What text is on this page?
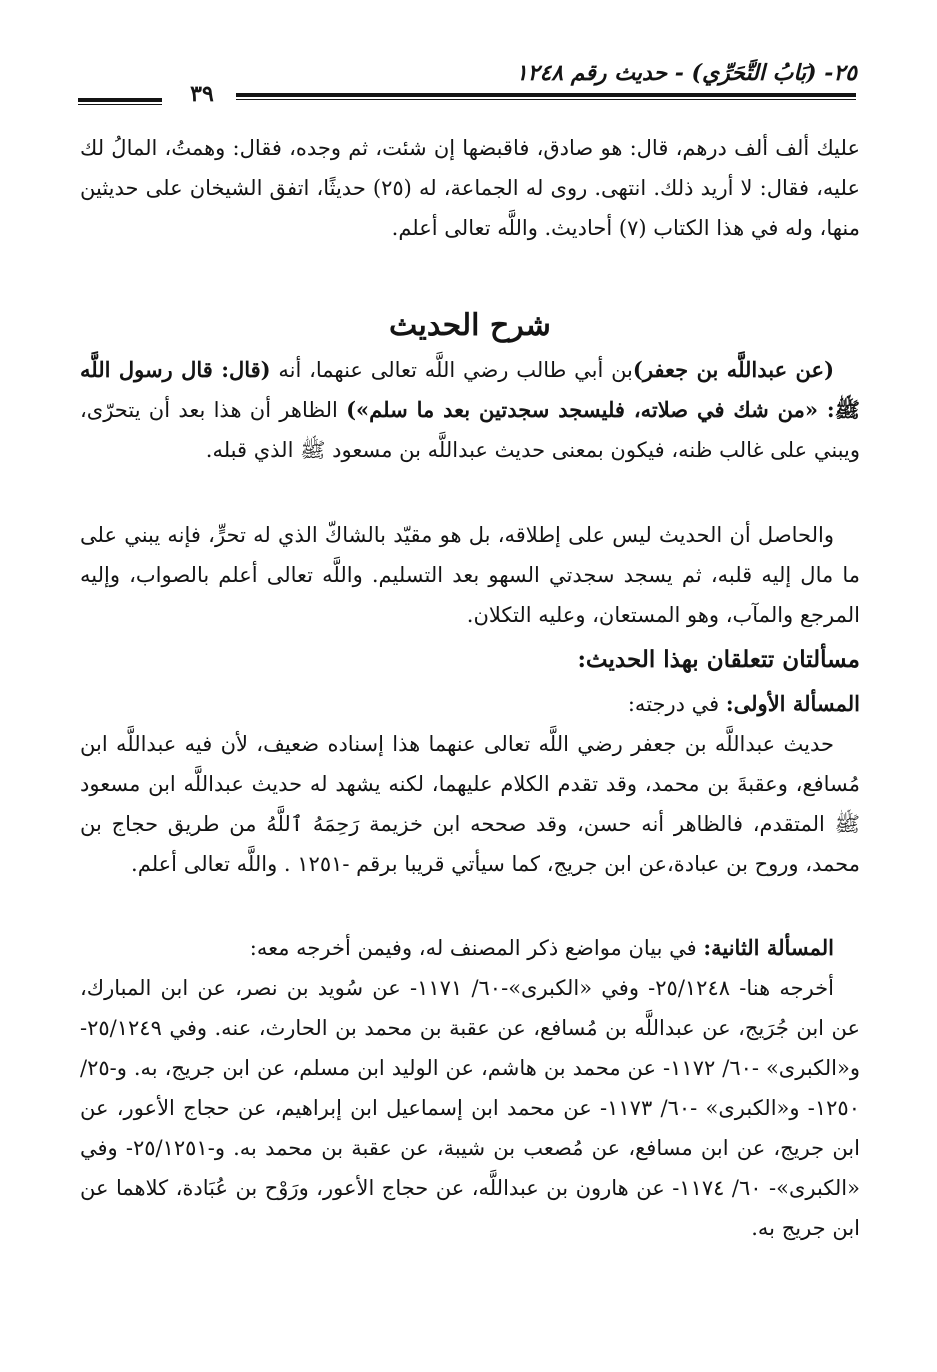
٢٥- (بَابُ التَّحَرِّي) - حديث رقم ١٢٤٨
٣٩

عليك ألف ألف درهم، قال: هو صادق، فاقبضها إن شئت، ثم وجده، فقال: وهمتُ، المالُ لك عليه، فقال: لا أريد ذلك. انتهى. روى له الجماعة، له (٢٥) حديثًا، اتفق الشيخان على حديثين منها، وله في هذا الكتاب (٧) أحاديث. واللَّه تعالى أعلم.

شرح الحديث

(عن عبداللَّه بن جعفر)بن أبي طالب رضي اللَّه تعالى عنهما، أنه (قال: قال رسول اللَّه ﷺ: «من شك في صلاته، فليسجد سجدتين بعد ما سلم») الظاهر أن هذا بعد أن يتحرّى، ويبني على غالب ظنه، فيكون بمعنى حديث عبداللَّه بن مسعود ﷺ الذي قبله.

والحاصل أن الحديث ليس على إطلاقه، بل هو مقيّد بالشاكّ الذي له تحرٍّ، فإنه يبني على ما مال إليه قلبه، ثم يسجد سجدتي السهو بعد التسليم. واللَّه تعالى أعلم بالصواب، وإليه المرجع والمآب، وهو المستعان، وعليه التكلان.

مسألتان تتعلقان بهذا الحديث:

المسألة الأولى: في درجته:

حديث عبداللَّه بن جعفر رضي اللَّه تعالى عنهما هذا إسناده ضعيف، لأن فيه عبداللَّه ابن مُسافع، وعقبةَ بن محمد، وقد تقدم الكلام عليهما، لكنه يشهد له حديث عبداللَّه ابن مسعود ﷺ المتقدم، فالظاهر أنه حسن، وقد صححه ابن خزيمة رَحِمَهُ ٱللَّهُ من طريق حجاج بن محمد، وروح بن عبادة،عن ابن جريج، كما سيأتي قريبا برقم -١٢٥١ . واللَّه تعالى أعلم.

المسألة الثانية: في بيان مواضع ذكر المصنف له، وفيمن أخرجه معه:

أخرجه هنا- ٢٥/١٢٤٨- وفي «الكبرى»-٦٠/ ١١٧١- عن سُويد بن نصر، عن ابن المبارك، عن ابن جُرَيج، عن عبداللَّه بن مُسافع، عن عقبة بن محمد بن الحارث، عنه. وفي ٢٥/١٢٤٩- و«الكبرى» -٦٠/ ١١٧٢- عن محمد بن هاشم، عن الوليد ابن مسلم، عن ابن جريج، به. و-٢٥/ ١٢٥٠- و«الكبرى» -٦٠/ ١١٧٣- عن محمد ابن إسماعيل ابن إبراهيم، عن حجاج الأعور، عن ابن جريج، عن ابن مسافع، عن مُصعب بن شيبة، عن عقبة بن محمد به. و-٢٥/١٢٥١- وفي «الكبرى»- ٦٠/ ١١٧٤- عن هارون بن عبداللَّه، عن حجاج الأعور، ورَوْح بن عُبَادة، كلاهما عن ابن جريج به.
